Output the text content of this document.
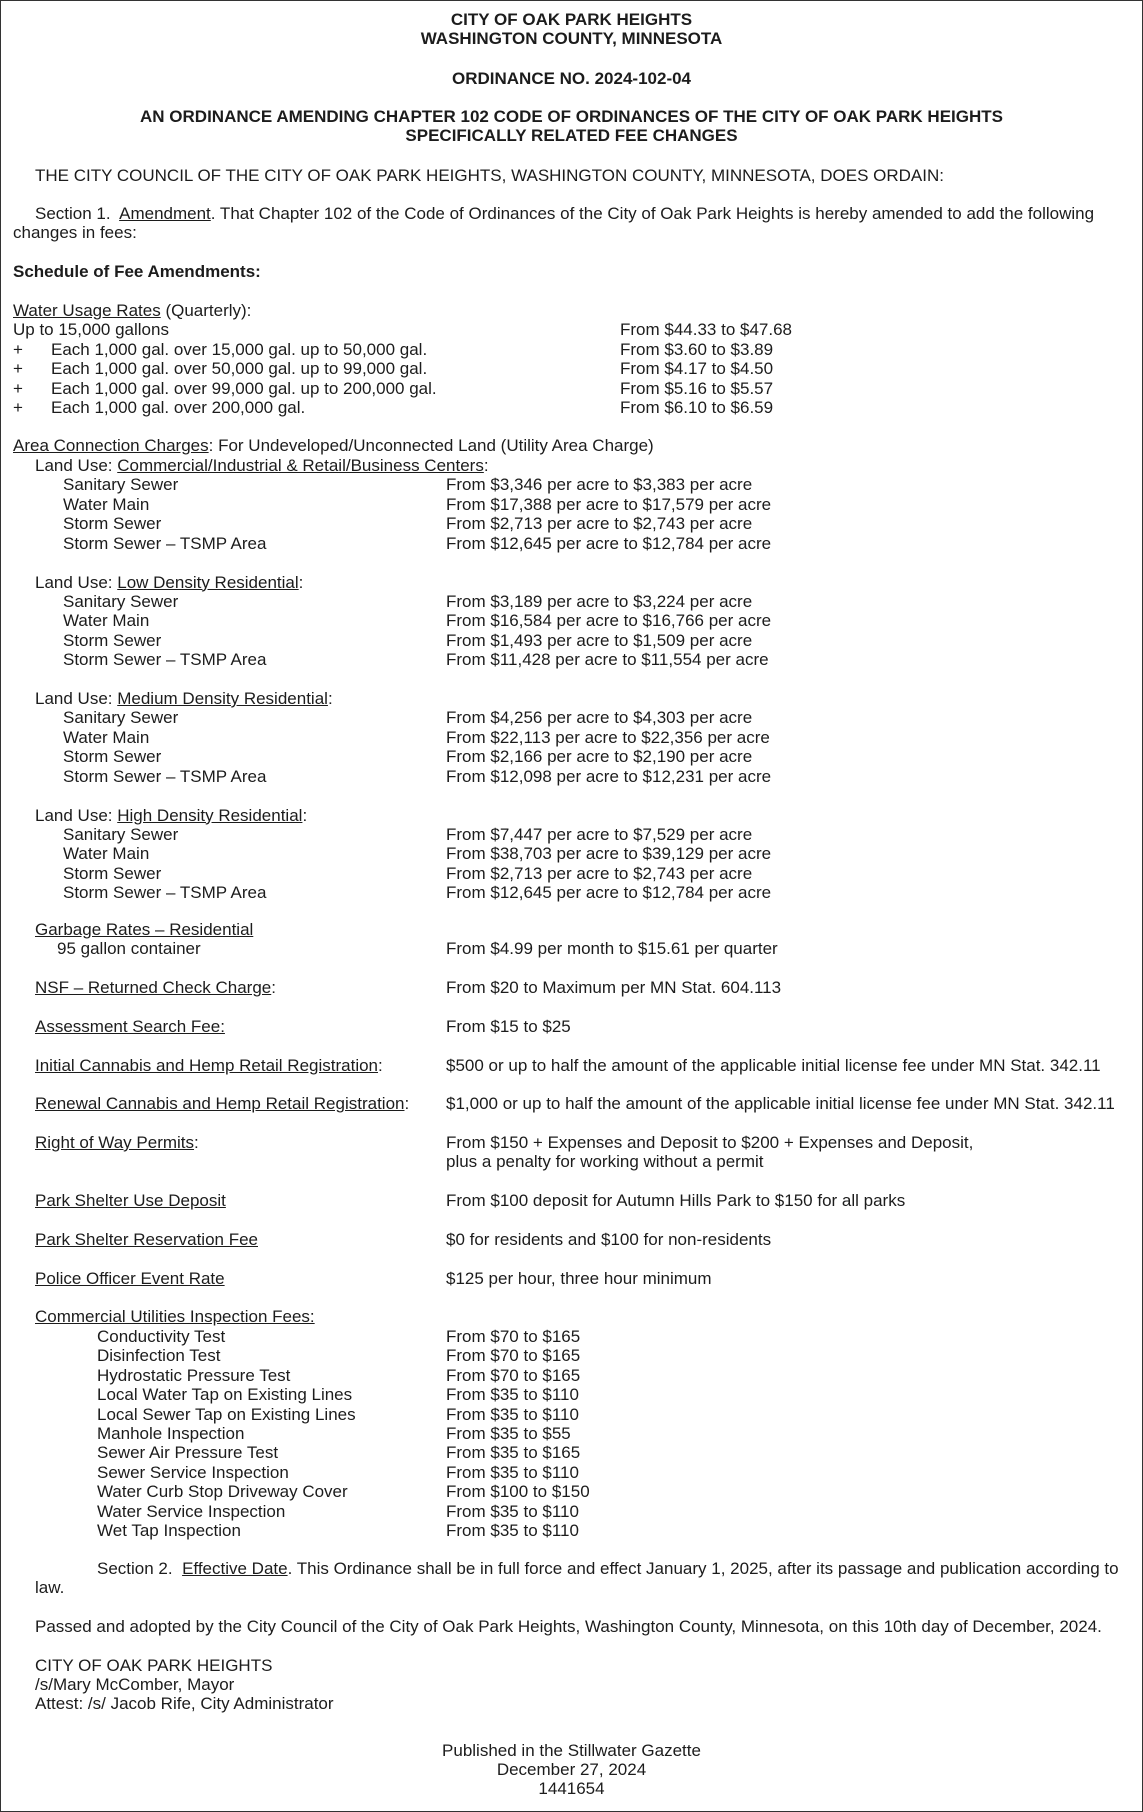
CITY OF OAK PARK HEIGHTS
WASHINGTON COUNTY, MINNESOTA
ORDINANCE NO. 2024-102-04
AN ORDINANCE AMENDING CHAPTER 102 CODE OF ORDINANCES OF THE CITY OF OAK PARK HEIGHTS
SPECIFICALLY RELATED FEE CHANGES
THE CITY COUNCIL OF THE CITY OF OAK PARK HEIGHTS, WASHINGTON COUNTY, MINNESOTA, DOES ORDAIN:
Section 1. Amendment. That Chapter 102 of the Code of Ordinances of the City of Oak Park Heights is hereby amended to add the following changes in fees:
Schedule of Fee Amendments:
Water Usage Rates (Quarterly):
Up to 15,000 gallons	From $44.33 to $47.68
+ Each 1,000 gal. over 15,000 gal. up to 50,000 gal.	From $3.60 to $3.89
+ Each 1,000 gal. over 50,000 gal. up to 99,000 gal.	From $4.17 to $4.50
+ Each 1,000 gal. over 99,000 gal. up to 200,000 gal.	From $5.16 to $5.57
+ Each 1,000 gal. over 200,000 gal.	From $6.10 to $6.59
Area Connection Charges: For Undeveloped/Unconnected Land (Utility Area Charge)
Land Use: Commercial/Industrial & Retail/Business Centers:
Sanitary Sewer	From $3,346 per acre to $3,383 per acre
Water Main	From $17,388 per acre to $17,579 per acre
Storm Sewer	From $2,713 per acre to $2,743 per acre
Storm Sewer – TSMP Area	From $12,645 per acre to $12,784 per acre
Land Use: Low Density Residential:
Sanitary Sewer	From $3,189 per acre to $3,224 per acre
Water Main	From $16,584 per acre to $16,766 per acre
Storm Sewer	From $1,493 per acre to $1,509 per acre
Storm Sewer – TSMP Area	From $11,428 per acre to $11,554 per acre
Land Use: Medium Density Residential:
Sanitary Sewer	From $4,256 per acre to $4,303 per acre
Water Main	From $22,113 per acre to $22,356 per acre
Storm Sewer	From $2,166 per acre to $2,190 per acre
Storm Sewer – TSMP Area	From $12,098 per acre to $12,231 per acre
Land Use: High Density Residential:
Sanitary Sewer	From $7,447 per acre to $7,529 per acre
Water Main	From $38,703 per acre to $39,129 per acre
Storm Sewer	From $2,713 per acre to $2,743 per acre
Storm Sewer – TSMP Area	From $12,645 per acre to $12,784 per acre
Garbage Rates – Residential
95 gallon container	From $4.99 per month to $15.61 per quarter
NSF – Returned Check Charge:	From $20 to Maximum per MN Stat. 604.113
Assessment Search Fee:	From $15 to $25
Initial Cannabis and Hemp Retail Registration:	$500 or up to half the amount of the applicable initial license fee under MN Stat. 342.11
Renewal Cannabis and Hemp Retail Registration: $1,000 or up to half the amount of the applicable initial license fee under MN Stat. 342.11
Right of Way Permits:	From $150 + Expenses and Deposit to $200 + Expenses and Deposit,
plus a penalty for working without a permit
Park Shelter Use Deposit	From $100 deposit for Autumn Hills Park to $150 for all parks
Park Shelter Reservation Fee	$0 for residents and $100 for non-residents
Police Officer Event Rate	$125 per hour, three hour minimum
Commercial Utilities Inspection Fees:
Conductivity Test	From $70 to $165
Disinfection Test	From $70 to $165
Hydrostatic Pressure Test	From $70 to $165
Local Water Tap on Existing Lines	From $35 to $110
Local Sewer Tap on Existing Lines	From $35 to $110
Manhole Inspection	From $35 to $55
Sewer Air Pressure Test	From $35 to $165
Sewer Service Inspection	From $35 to $110
Water Curb Stop Driveway Cover	From $100 to $150
Water Service Inspection	From $35 to $110
Wet Tap Inspection	From $35 to $110
Section 2. Effective Date. This Ordinance shall be in full force and effect January 1, 2025, after its passage and publication according to law.
Passed and adopted by the City Council of the City of Oak Park Heights, Washington County, Minnesota, on this 10th day of December, 2024.
CITY OF OAK PARK HEIGHTS
/s/Mary McComber, Mayor
Attest: /s/ Jacob Rife, City Administrator
Published in the Stillwater Gazette
December 27, 2024
1441654
